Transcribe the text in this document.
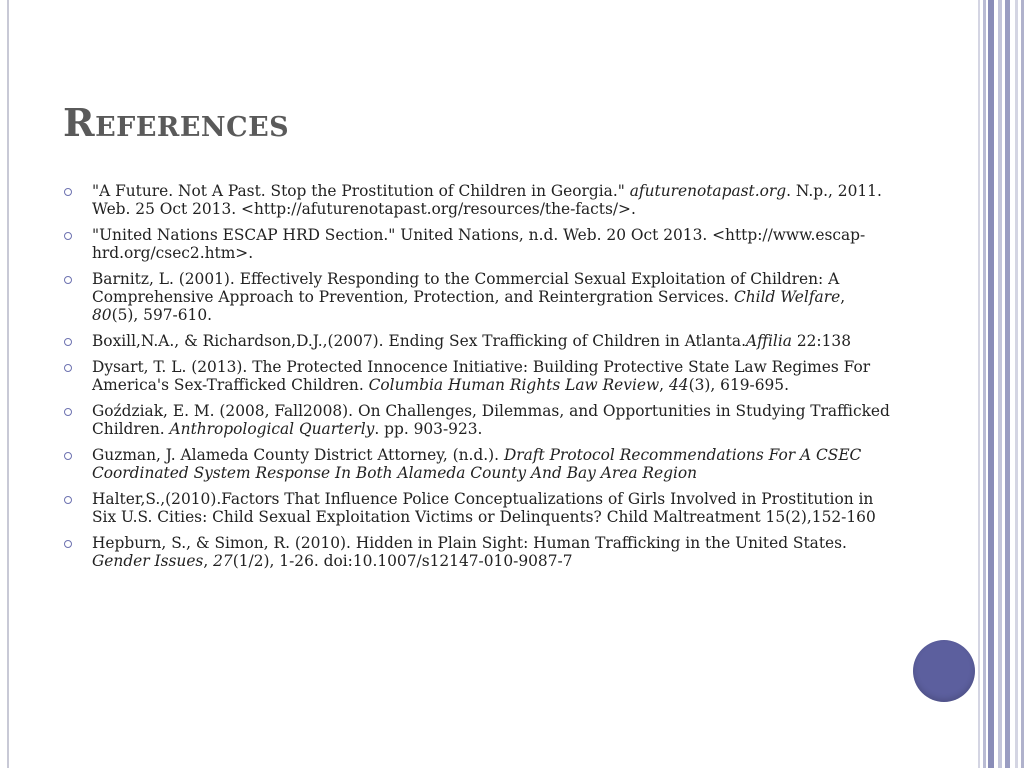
References
"A Future. Not A Past. Stop the Prostitution of Children in Georgia." afuturenotapast.org. N.p., 2011. Web. 25 Oct 2013. <http://afuturenotapast.org/resources/the-facts/>.
"United Nations ESCAP HRD Section." United Nations, n.d. Web. 20 Oct 2013. <http://www.escap-hrd.org/csec2.htm>.
Barnitz, L. (2001). Effectively Responding to the Commercial Sexual Exploitation of Children: A Comprehensive Approach to Prevention, Protection, and Reintergration Services. Child Welfare, 80(5), 597-610.
Boxill,N.A., & Richardson,D.J.,(2007). Ending Sex Trafficking of Children in Atlanta.Affilia 22:138
Dysart, T. L. (2013). The Protected Innocence Initiative: Building Protective State Law Regimes For America's Sex-Trafficked Children. Columbia Human Rights Law Review, 44(3), 619-695.
Goździak, E. M. (2008, Fall2008). On Challenges, Dilemmas, and Opportunities in Studying Trafficked Children. Anthropological Quarterly. pp. 903-923.
Guzman, J. Alameda County District Attorney, (n.d.). Draft Protocol Recommendations For A CSEC Coordinated System Response In Both Alameda County And Bay Area Region
Halter,S.,(2010).Factors That Influence Police Conceptualizations of Girls Involved in Prostitution in Six U.S. Cities: Child Sexual Exploitation Victims or Delinquents? Child Maltreatment 15(2),152-160
Hepburn, S., & Simon, R. (2010). Hidden in Plain Sight: Human Trafficking in the United States. Gender Issues, 27(1/2), 1-26. doi:10.1007/s12147-010-9087-7
